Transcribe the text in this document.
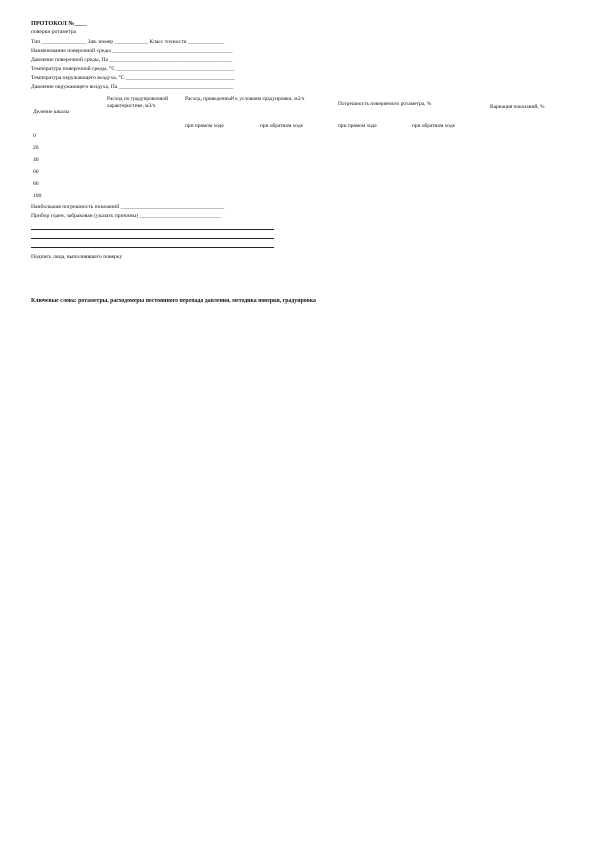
ПРОТОКОЛ №____
поверки ротаметра
Тип ________________ Зав. номер ____________ Класс точности _____________
Наименование поверочной среды ___________________________________________
Давление поверочной среды, Па ____________________________________________
Температура поверочной среды, °С __________________________________________
Температура окружающего воздуха, °С _______________________________________
Давление окружающего воздуха, Па _________________________________________
Деление шкалы
Расход по градуировочной характеристике, м3/ч
Расход, приведенный к условиям градуировки, м3/ч
при прямом ходе	при обратном ходе
Погрешность поверяемого ротаметра, %
при прямом ходе	при обратном ходе
Вариация показаний, %
0
20
40
60
80
100
Наибольшая погрешность показаний _____________________________________
Прибор годен, забракован (указать причины) _____________________________
Подпись лица, выполнявшего поверку
Ключевые слова: ротаметры, расходомеры постоянного перепада давления, методика поверки, градуировка
